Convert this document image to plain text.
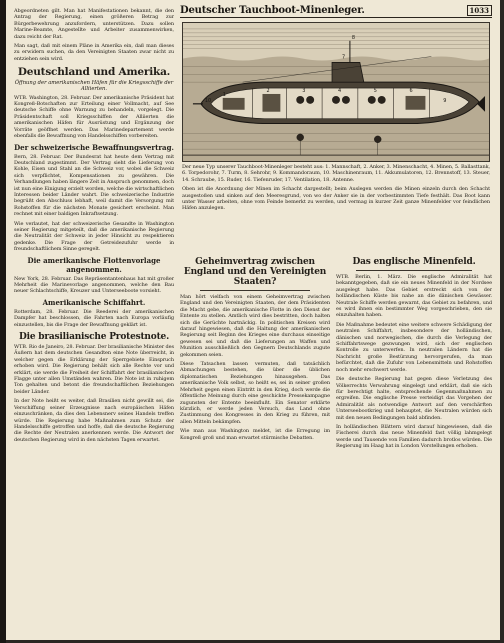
Deutscher Tauchboot-Minenleger.	1033

Abgeordneten gilt. Man hat Manifestationen bekannt, die den Antrag der Regierung, einen größeren Betrag zur Bürgerbewehrung anzufordern, unterstützen. Dazu sollen Marine-Beamte, Angestellte und Arbeiter zusammenwirken, dazu reicht der Rat.

Man sagt, daß mit einem Pläne in Amerika ein, daß man dieses zu erwidern suchen, da den Vereinigten Staaten zwar nicht zu entziehen sein wird.

Deutschland und Amerika.
Öffnung der amerikanischen Häfen für die Kriegsschiffe der Alliierten.

WTB. Washington, 28. Februar. Der amerikanische Präsident hat Kongreß-Botschaften zur Erteilung einer Vollmacht, auf See deutsche Schiffe ohne Warnung zu behandeln, vorgelegt. Die Präsidentschaft soll Kriegsschiffen der Alliierten die amerikanischen Häfen für Ausrüstung und Ergänzung der Vorräte geöffnet werden. Das Marinedepartement werde ebenfalls die Bewaffnung von Handelsschiffen vorbereiten.

Der schweizerische Bewaffnungsvertrag.

Bern, 28. Februar. Der Bundesrat hat heute dem Vertrag mit Deutschland zugestimmt. Der Vertrag sieht die Lieferung von Kohle, Eisen und Stahl an die Schweiz vor, wobei die Schweiz sich verpflichtet, Kompensationen zu gewähren. Die Verhandlungen haben längere Zeit in Anspruch genommen, doch ist nun eine Einigung erzielt worden, welche die wirtschaftlichen Interessen beider Länder wahrt. Die schweizerische Industrie begrüßt den Abschluss lebhaft, weil damit die Versorgung mit Rohstoffen für die nächsten Monate gesichert erscheint. Man rechnet mit einer baldigen Inkraftsetzung.

Wie verlautet, hat der schweizerische Gesandte in Washington seiner Regierung mitgeteilt, daß die amerikanische Regierung die Neutralität der Schweiz in jeder Hinsicht zu respektieren gedenke. Die Frage der Getreidezufuhr werde in freundschaftlichem Sinne geregelt.

Die amerikanische Flottenvorlage angenommen.

New York, 28. Februar. Das Repräsentantenhaus hat mit großer Mehrheit die Marinevorlage angenommen, welche den Bau neuer Schlachtschiffe, Kreuzer und Unterseeboote vorsieht.

Amerikanische Schiffahrt.

Rotterdam, 28. Februar. Die Reederei der amerikanischen Dampfer hat beschlossen, die Fahrten nach Europa vorläufig einzustellen, bis die Frage der Bewaffnung geklärt ist.

Die brasilianische Protestnote.

WTB. Rio de Janeiro, 28. Februar. Der brasilianische Minister des Äußern hat dem deutschen Gesandten eine Note überreicht, in welcher gegen die Erklärung der Sperrgebiete Einspruch erhoben wird. Die Regierung behält sich alle Rechte vor und erklärt, sie werde die Freiheit der Schiffahrt der brasilianischen Flagge unter allen Umständen wahren. Die Note ist in ruhigem Ton gehalten und betont die freundschaftlichen Beziehungen beider Länder.

In der Note heißt es weiter, daß Brasilien nicht gewillt sei, die Verschiffung seiner Erzeugnisse nach europäischen Häfen einzuschränken, da dies den Lebensnerv seines Handels treffen würde. Die Regierung habe Maßnahmen zum Schutz der Handelsschiffe getroffen und hoffe, daß die deutsche Regierung die Rechte der Neutralen anerkennen werde. Die Antwort der deutschen Regierung wird in den nächsten Tagen erwartet.

1
2	3	4	5	6
7
8
9
10

Der neue Typ unserer Tauchboot-Minenleger besteht aus: 1. Mannschaft, 2. Anker, 3. Minenschacht, 4. Minen, 5. Ballasttank, 6. Torpedorohr, 7. Turm, 8. Sehrohr, 9. Kommandoraum, 10. Maschinenraum, 11. Akkumulatoren, 12. Brennstoff, 13. Steuer, 14. Schraube, 15. Ruder, 16. Tiefenruder, 17. Ventilation, 18. Antenne.

Oben ist die Anordnung der Minen im Schacht dargestellt; beim Auslegen werden die Minen einzeln durch den Schacht ausgestoßen und sinken auf den Meeresgrund, von wo der Anker sie in der vorbestimmten Tiefe festhält. Das Boot kann unter Wasser arbeiten, ohne vom Feinde bemerkt zu werden, und vermag in kurzer Zeit ganze Minenfelder vor feindlichen Häfen anzulegen.

Geheimvertrag zwischen England und den Vereinigten Staaten?

Man hört vielfach von einem Geheimvertrag zwischen England und den Vereinigten Staaten, der dem Präsidenten die Macht gebe, die amerikanische Flotte in den Dienst der Entente zu stellen. Amtlich wird dies bestritten, doch halten sich die Gerüchte hartnäckig. In politischen Kreisen wird darauf hingewiesen, daß die Haltung der amerikanischen Regierung seit Beginn des Krieges eine durchaus einseitige gewesen sei und daß die Lieferungen an Waffen und Munition ausschließlich den Gegnern Deutschlands zugute gekommen seien.

Diese Tatsachen lassen vermuten, daß tatsächlich Abmachungen bestehen, die über die üblichen diplomatischen Beziehungen hinausgehen. Das amerikanische Volk selbst, so heißt es, sei in seiner großen Mehrheit gegen einen Eintritt in den Krieg, doch werde die öffentliche Meinung durch eine geschickte Pressekampagne zugunsten der Entente beeinflußt. Ein Senator erklärte kürzlich, er werde jeden Versuch, das Land ohne Zustimmung des Kongresses in den Krieg zu führen, mit allen Mitteln bekämpfen.

Wie man aus Washington meldet, ist die Erregung im Kongreß groß und man erwartet stürmische Debatten.

Das englische Minenfeld.

WTB. Berlin, 1. März. Die englische Admiralität hat bekanntgegeben, daß sie ein neues Minenfeld in der Nordsee ausgelegt habe. Das Gebiet erstreckt sich von der holländischen Küste bis nahe an die dänischen Gewässer. Neutrale Schiffe werden gewarnt, das Gebiet zu befahren, und es wird ihnen ein bestimmter Weg vorgeschrieben, den sie einzuhalten haben.

Die Maßnahme bedeutet eine weitere schwere Schädigung der neutralen Schiffahrt, insbesondere der holländischen, dänischen und norwegischen, die durch die Verlegung der Schiffahrtswege gezwungen wird, sich der englischen Kontrolle zu unterwerfen. In neutralen Ländern hat die Nachricht große Bestürzung hervorgerufen, da man befürchtet, daß die Zufuhr von Lebensmitteln und Rohstoffen noch mehr erschwert werde.

Die deutsche Regierung hat gegen diese Verletzung des Völkerrechts Verwahrung eingelegt und erklärt, daß sie sich für berechtigt halte, entsprechende Gegenmaßnahmen zu ergreifen. Die englische Presse verteidigt das Vorgehen der Admiralität als notwendige Antwort auf den verschärften Unterseebootkrieg und behauptet, die Neutralen würden sich mit den neuen Bedingungen bald abfinden.

In holländischen Blättern wird darauf hingewiesen, daß die Fischerei durch das neue Minenfeld fast völlig lahmgelegt werde und Tausende von Familien dadurch brotlos würden. Die Regierung im Haag hat in London Vorstellungen erhoben.
